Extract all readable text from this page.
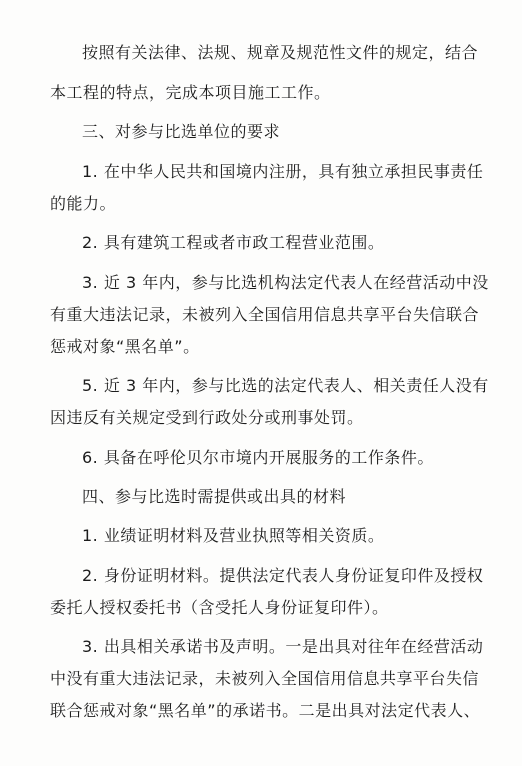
按照有关法律、法规、规章及规范性文件的规定，结合
本工程的特点，完成本项目施工工作。
三、对参与比选单位的要求
1. 在中华人民共和国境内注册，具有独立承担民事责任
的能力。
2. 具有建筑工程或者市政工程营业范围。
3. 近 3 年内，参与比选机构法定代表人在经营活动中没
有重大违法记录，未被列入全国信用信息共享平台失信联合
惩戒对象“黑名单”。
5. 近 3 年内，参与比选的法定代表人、相关责任人没有
因违反有关规定受到行政处分或刑事处罚。
6. 具备在呼伦贝尔市境内开展服务的工作条件。
四、参与比选时需提供或出具的材料
1. 业绩证明材料及营业执照等相关资质。
2. 身份证明材料。提供法定代表人身份证复印件及授权
委托人授权委托书（含受托人身份证复印件）。
3. 出具相关承诺书及声明。一是出具对往年在经营活动
中没有重大违法记录，未被列入全国信用信息共享平台失信
联合惩戒对象“黑名单”的承诺书。二是出具对法定代表人、
